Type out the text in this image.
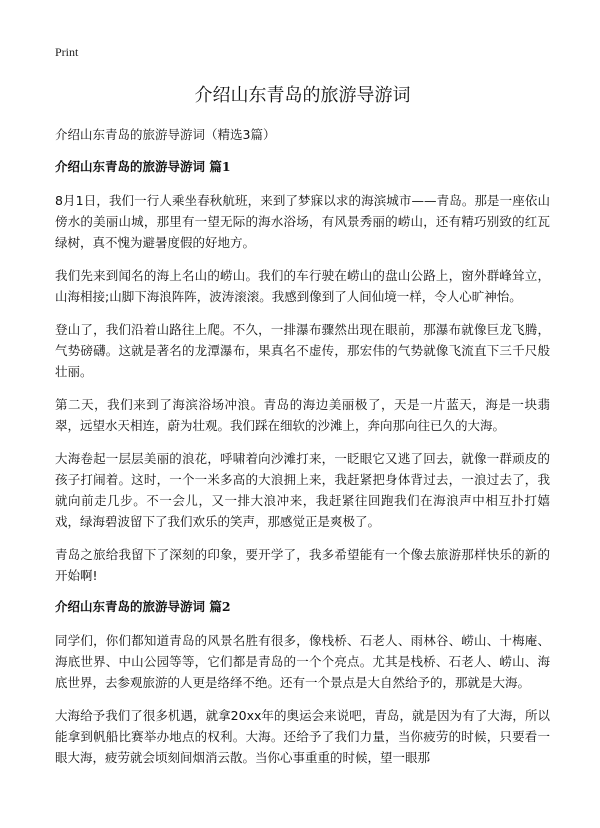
Print
介绍山东青岛的旅游导游词
介绍山东青岛的旅游导游词（精选3篇）
介绍山东青岛的旅游导游词 篇1

8月1日，我们一行人乘坐春秋航班，来到了梦寐以求的海滨城市——青岛。那是一座依山傍水的美丽山城，那里有一望无际的海水浴场，有风景秀丽的崂山，还有精巧别致的红瓦绿树，真不愧为避暑度假的好地方。

我们先来到闻名的海上名山的崂山。我们的车行驶在崂山的盘山公路上，窗外群峰耸立，山海相接;山脚下海浪阵阵，波涛滚滚。我感到像到了人间仙境一样，令人心旷神怡。

登山了，我们沿着山路往上爬。不久，一排瀑布骤然出现在眼前，那瀑布就像巨龙飞腾，气势磅礴。这就是著名的龙潭瀑布，果真名不虚传，那宏伟的气势就像飞流直下三千尺般壮丽。

第二天，我们来到了海滨浴场冲浪。青岛的海边美丽极了，天是一片蓝天，海是一块翡翠，远望水天相连，蔚为壮观。我们踩在细软的沙滩上，奔向那向往已久的大海。

大海卷起一层层美丽的浪花，呼啸着向沙滩打来，一眨眼它又逃了回去，就像一群顽皮的孩子打闹着。这时，一个一米多高的大浪拥上来，我赶紧把身体背过去，一浪过去了，我就向前走几步。不一会儿，又一排大浪冲来，我赶紧往回跑我们在海浪声中相互扑打嬉戏，绿海碧波留下了我们欢乐的笑声，那感觉正是爽极了。

青岛之旅给我留下了深刻的印象，要开学了，我多希望能有一个像去旅游那样快乐的新的开始啊!

介绍山东青岛的旅游导游词 篇2

同学们，你们都知道青岛的风景名胜有很多，像栈桥、石老人、雨林谷、崂山、十梅庵、海底世界、中山公园等等，它们都是青岛的一个个亮点。尤其是栈桥、石老人、崂山、海底世界，去参观旅游的人更是络绎不绝。还有一个景点是大自然给予的，那就是大海。

大海给予我们了很多机遇，就拿20xx年的奥运会来说吧，青岛，就是因为有了大海，所以能拿到帆船比赛举办地点的权利。大海。还给予了我们力量，当你疲劳的时候，只要看一眼大海，疲劳就会顷刻间烟消云散。当你心事重重的时候，望一眼那
